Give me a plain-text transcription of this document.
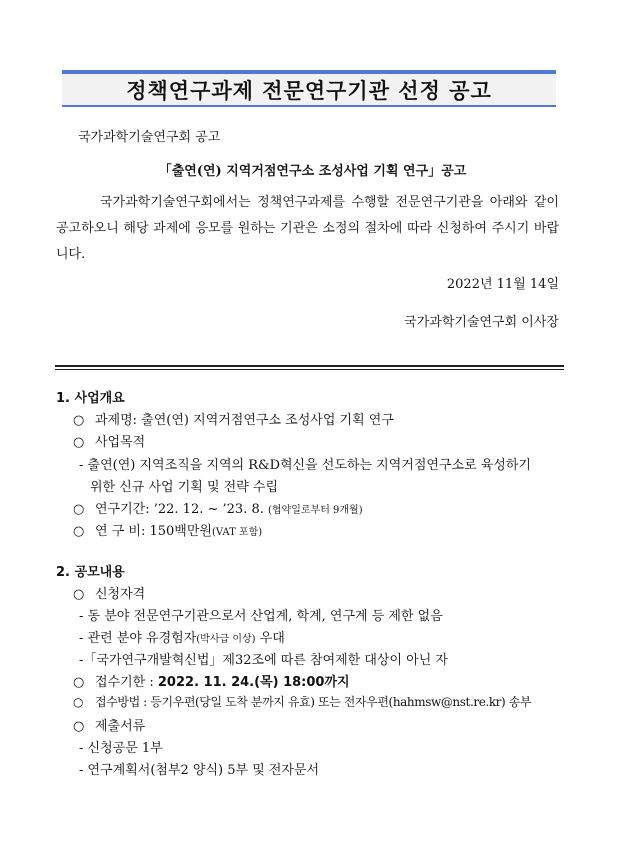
정책연구과제 전문연구기관 선정 공고
국가과학기술연구회 공고
「출연(연) 지역거점연구소 조성사업 기획 연구」공고
국가과학기술연구회에서는 정책연구과제를 수행할 전문연구기관을 아래와 같이 공고하오니 해당 과제에 응모를 원하는 기관은 소정의 절차에 따라 신청하여 주시기 바랍니다.
2022년 11월 14일
국가과학기술연구회 이사장
1. 사업개요
○ 과제명: 출연(연) 지역거점연구소 조성사업 기획 연구
○ 사업목적
- 출연(연) 지역조직을 지역의 R&D혁신을 선도하는 지역거점연구소로 육성하기
위한 신규 사업 기획 및 전략 수립
○ 연구기간: ’22. 12. ~ ’23. 8. (협약일로부터 9개월)
○ 연 구 비: 150백만원(VAT 포함)
2. 공모내용
○ 신청자격
- 동 분야 전문연구기관으로서 산업계, 학계, 연구계 등 제한 없음
- 관련 분야 유경험자(박사급 이상) 우대
-「국가연구개발혁신법」제32조에 따른 참여제한 대상이 아닌 자
○ 접수기한 : 2022. 11. 24.(목) 18:00까지
○ 접수방법 : 등기우편(당일 도착 분까지 유효) 또는 전자우편(hahmsw@nst.re.kr) 송부
○ 제출서류
- 신청공문 1부
- 연구계획서(첨부2 양식) 5부 및 전자문서
